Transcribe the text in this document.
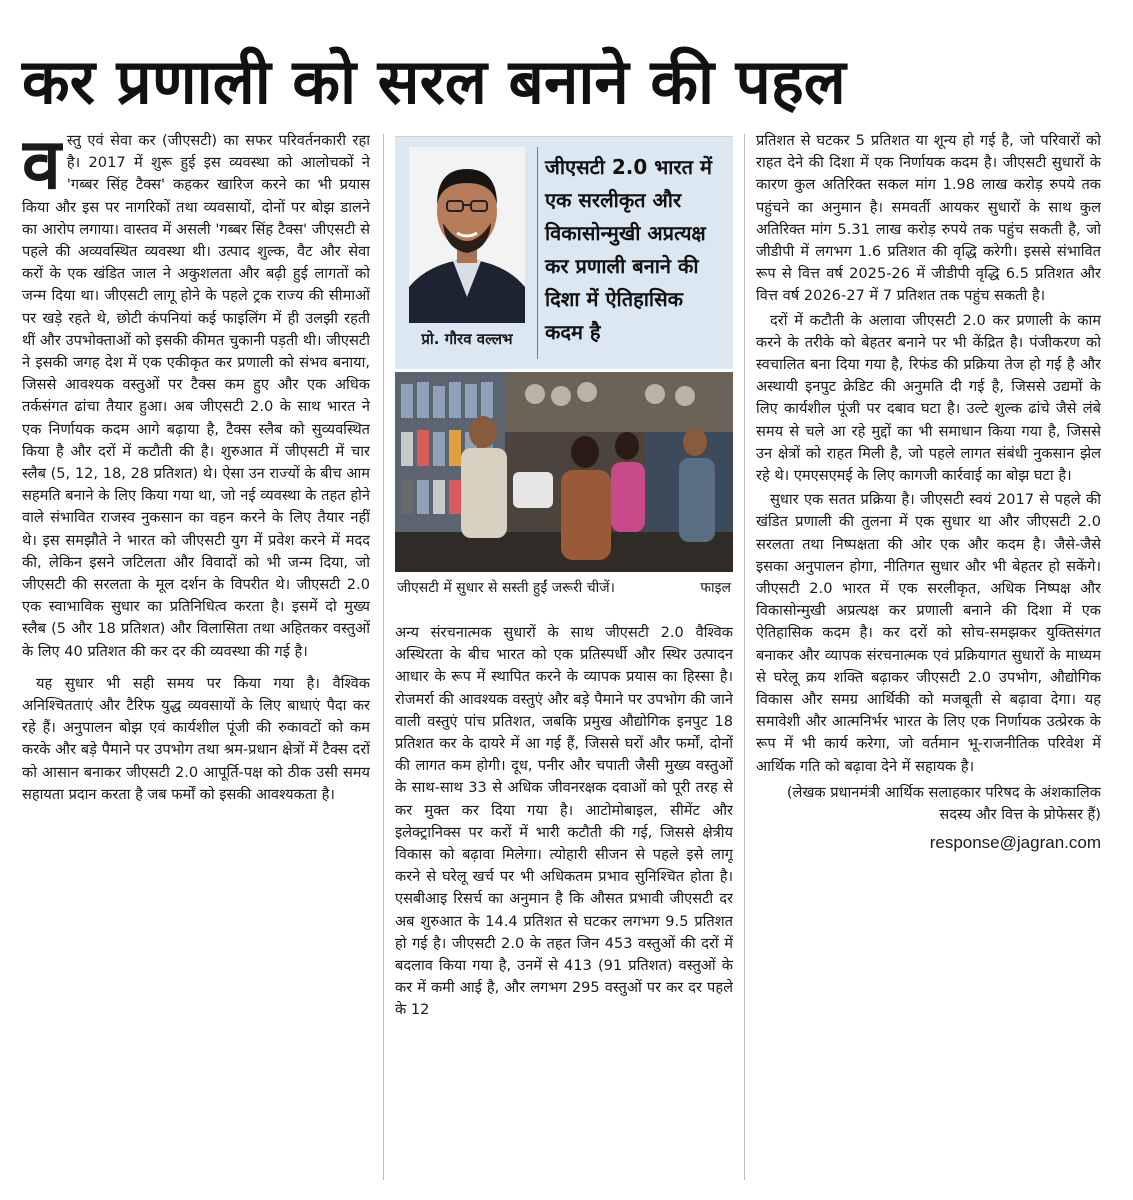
कर प्रणाली को सरल बनाने की पहल

वस्तु एवं सेवा कर (जीएसटी) का सफर परिवर्तनकारी रहा है। 2017 में शुरू हुई इस व्यवस्था को आलोचकों ने 'गब्बर सिंह टैक्स' कहकर खारिज करने का भी प्रयास किया और इस पर नागरिकों तथा व्यवसायों, दोनों पर बोझ डालने का आरोप लगाया। वास्तव में असली 'गब्बर सिंह टैक्स' जीएसटी से पहले की अव्यवस्थित व्यवस्था थी। उत्पाद शुल्क, वैट और सेवा करों के एक खंडित जाल ने अकुशलता और बढ़ी हुई लागतों को जन्म दिया था। जीएसटी लागू होने के पहले ट्रक राज्य की सीमाओं पर खड़े रहते थे, छोटी कंपनियां कई फाइलिंग में ही उलझी रहती थीं और उपभोक्ताओं को इसकी कीमत चुकानी पड़ती थी। जीएसटी ने इसकी जगह देश में एक एकीकृत कर प्रणाली को संभव बनाया, जिससे आवश्यक वस्तुओं पर टैक्स कम हुए और एक अधिक तर्कसंगत ढांचा तैयार हुआ। अब जीएसटी 2.0 के साथ भारत ने एक निर्णायक कदम आगे बढ़ाया है, टैक्स स्लैब को सुव्यवस्थित किया है और दरों में कटौती की है। शुरुआत में जीएसटी में चार स्लैब (5, 12, 18, 28 प्रतिशत) थे। ऐसा उन राज्यों के बीच आम सहमति बनाने के लिए किया गया था, जो नई व्यवस्था के तहत होने वाले संभावित राजस्व नुकसान का वहन करने के लिए तैयार नहीं थे। इस समझौते ने भारत को जीएसटी युग में प्रवेश करने में मदद की, लेकिन इसने जटिलता और विवादों को भी जन्म दिया, जो जीएसटी की सरलता के मूल दर्शन के विपरीत थे। जीएसटी 2.0 एक स्वाभाविक सुधार का प्रतिनिधित्व करता है। इसमें दो मुख्य स्लैब (5 और 18 प्रतिशत) और विलासिता तथा अहितकर वस्तुओं के लिए 40 प्रतिशत की कर दर की व्यवस्था की गई है।

यह सुधार भी सही समय पर किया गया है। वैश्विक अनिश्चितताएं और टैरिफ युद्ध व्यवसायों के लिए बाधाएं पैदा कर रहे हैं। अनुपालन बोझ एवं कार्यशील पूंजी की रुकावटों को कम करके और बड़े पैमाने पर उपभोग तथा श्रम-प्रधान क्षेत्रों में टैक्स दरों को आसान बनाकर जीएसटी 2.0 आपूर्ति-पक्ष को ठीक उसी समय सहायता प्रदान करता है जब फर्मों को इसकी आवश्यकता है।

प्रो. गौरव वल्लभ
जीएसटी 2.0 भारत में एक सरलीकृत और विकासोन्मुखी अप्रत्यक्ष कर प्रणाली बनाने की दिशा में ऐतिहासिक कदम है
जीएसटी में सुधार से सस्ती हुईं जरूरी चीजें।	फाइल

अन्य संरचनात्मक सुधारों के साथ जीएसटी 2.0 वैश्विक अस्थिरता के बीच भारत को एक प्रतिस्पर्धी और स्थिर उत्पादन आधार के रूप में स्थापित करने के व्यापक प्रयास का हिस्सा है। रोजमर्रा की आवश्यक वस्तुएं और बड़े पैमाने पर उपभोग की जाने वाली वस्तुएं पांच प्रतिशत, जबकि प्रमुख औद्योगिक इनपुट 18 प्रतिशत कर के दायरे में आ गई हैं, जिससे घरों और फर्मों, दोनों की लागत कम होगी। दूध, पनीर और चपाती जैसी मुख्य वस्तुओं के साथ-साथ 33 से अधिक जीवनरक्षक दवाओं को पूरी तरह से कर मुक्त कर दिया गया है। आटोमोबाइल, सीमेंट और इलेक्ट्रानिक्स पर करों में भारी कटौती की गई, जिससे क्षेत्रीय विकास को बढ़ावा मिलेगा। त्योहारी सीजन से पहले इसे लागू करने से घरेलू खर्च पर भी अधिकतम प्रभाव सुनिश्चित होता है। एसबीआइ रिसर्च का अनुमान है कि औसत प्रभावी जीएसटी दर अब शुरुआत के 14.4 प्रतिशत से घटकर लगभग 9.5 प्रतिशत हो गई है। जीएसटी 2.0 के तहत जिन 453 वस्तुओं की दरों में बदलाव किया गया है, उनमें से 413 (91 प्रतिशत) वस्तुओं के कर में कमी आई है, और लगभग 295 वस्तुओं पर कर दर पहले के 12

प्रतिशत से घटकर 5 प्रतिशत या शून्य हो गई है, जो परिवारों को राहत देने की दिशा में एक निर्णायक कदम है। जीएसटी सुधारों के कारण कुल अतिरिक्त सकल मांग 1.98 लाख करोड़ रुपये तक पहुंचने का अनुमान है। समवर्ती आयकर सुधारों के साथ कुल अतिरिक्त मांग 5.31 लाख करोड़ रुपये तक पहुंच सकती है, जो जीडीपी में लगभग 1.6 प्रतिशत की वृद्धि करेगी। इससे संभावित रूप से वित्त वर्ष 2025-26 में जीडीपी वृद्धि 6.5 प्रतिशत और वित्त वर्ष 2026-27 में 7 प्रतिशत तक पहुंच सकती है।

दरों में कटौती के अलावा जीएसटी 2.0 कर प्रणाली के काम करने के तरीके को बेहतर बनाने पर भी केंद्रित है। पंजीकरण को स्वचालित बना दिया गया है, रिफंड की प्रक्रिया तेज हो गई है और अस्थायी इनपुट क्रेडिट की अनुमति दी गई है, जिससे उद्यमों के लिए कार्यशील पूंजी पर दबाव घटा है। उल्टे शुल्क ढांचे जैसे लंबे समय से चले आ रहे मुद्दों का भी समाधान किया गया है, जिससे उन क्षेत्रों को राहत मिली है, जो पहले लागत संबंधी नुकसान झेल रहे थे। एमएसएमई के लिए कागजी कार्रवाई का बोझ घटा है।

सुधार एक सतत प्रक्रिया है। जीएसटी स्वयं 2017 से पहले की खंडित प्रणाली की तुलना में एक सुधार था और जीएसटी 2.0 सरलता तथा निष्पक्षता की ओर एक और कदम है। जैसे-जैसे इसका अनुपालन होगा, नीतिगत सुधार और भी बेहतर हो सकेंगे। जीएसटी 2.0 भारत में एक सरलीकृत, अधिक निष्पक्ष और विकासोन्मुखी अप्रत्यक्ष कर प्रणाली बनाने की दिशा में एक ऐतिहासिक कदम है। कर दरों को सोच-समझकर युक्तिसंगत बनाकर और व्यापक संरचनात्मक एवं प्रक्रियागत सुधारों के माध्यम से घरेलू क्रय शक्ति बढ़ाकर जीएसटी 2.0 उपभोग, औद्योगिक विकास और समग्र आर्थिकी को मजबूती से बढ़ावा देगा। यह समावेशी और आत्मनिर्भर भारत के लिए एक निर्णायक उत्प्रेरक के रूप में भी कार्य करेगा, जो वर्तमान भू-राजनीतिक परिवेश में आर्थिक गति को बढ़ावा देने में सहायक है।

(लेखक प्रधानमंत्री आर्थिक सलाहकार परिषद के अंशकालिक सदस्य और वित्त के प्रोफेसर हैं)

response@jagran.com
